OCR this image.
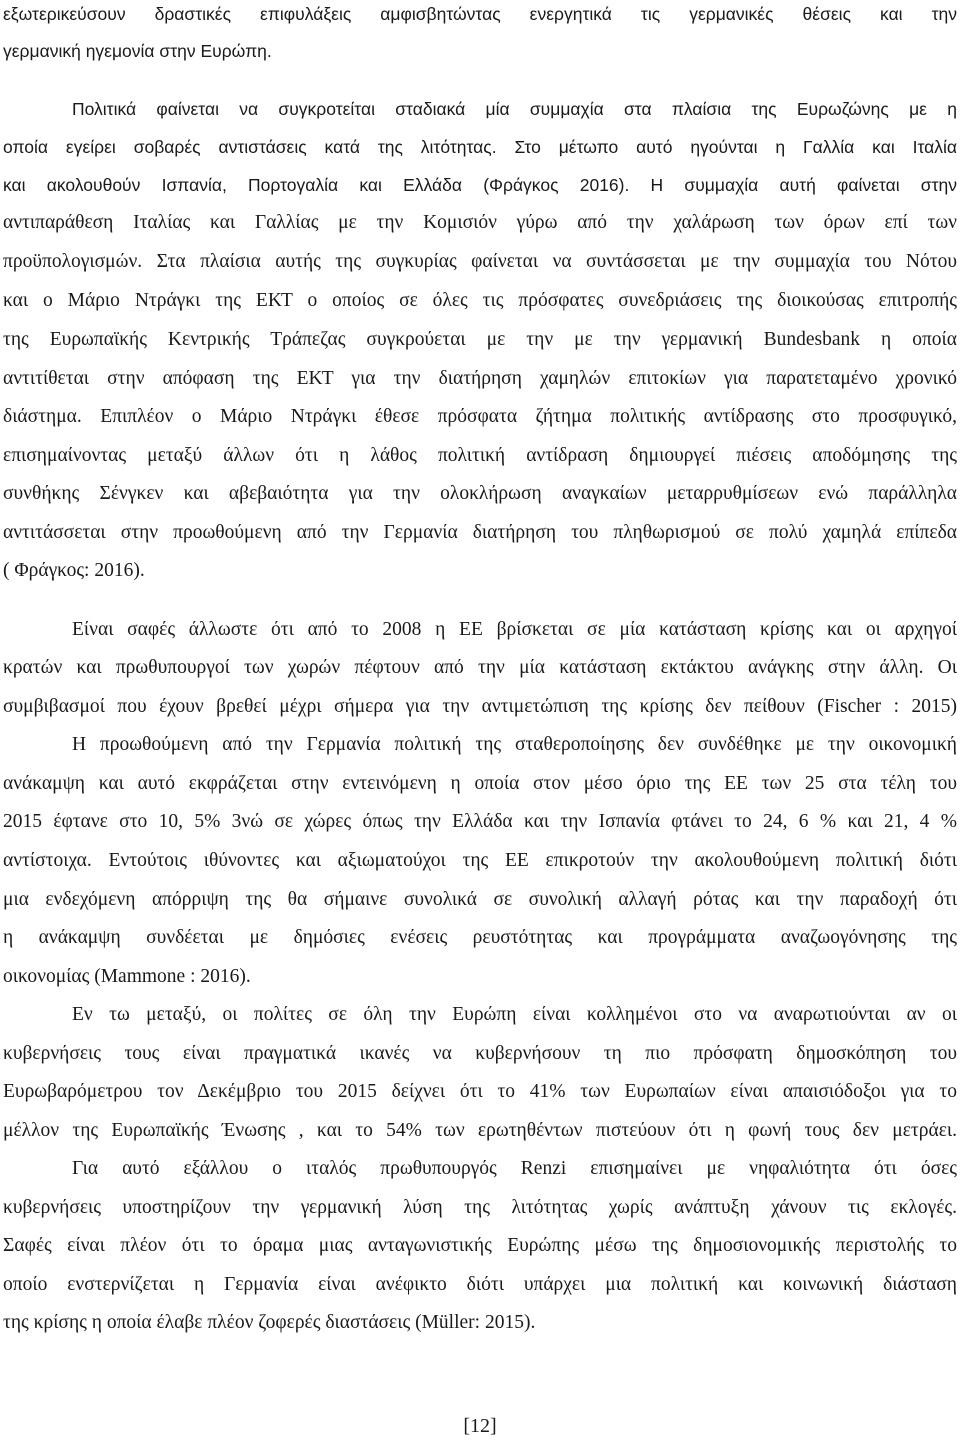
εξωτερικεύσουν δραστικές επιφυλάξεις αμφισβητώντας ενεργητικά τις γερμανικές θέσεις και την
γερμανική ηγεμονία στην Ευρώπη.
Πολιτικά φαίνεται να συγκροτείται σταδιακά μία συμμαχία στα πλαίσια της Ευρωζώνης με η
οποία εγείρει σοβαρές αντιστάσεις κατά της λιτότητας. Στο μέτωπο αυτό ηγούνται η Γαλλία και Ιταλία
και ακολουθούν Ισπανία, Πορτογαλία και Ελλάδα (Φράγκος 2016). Η συμμαχία αυτή φαίνεται στην
αντιπαράθεση Ιταλίας και Γαλλίας με την Κομισιόν γύρω από την χαλάρωση των όρων επί των
προϋπολογισμών. Στα πλαίσια αυτής της συγκυρίας φαίνεται να συντάσσεται με την συμμαχία του Νότου
και ο Μάριο Ντράγκι της ΕΚΤ ο οποίος σε όλες τις πρόσφατες συνεδριάσεις της διοικούσας επιτροπής
της Ευρωπαϊκής Κεντρικής Τράπεζας συγκρούεται με την με την γερμανική Bundesbank η οποία
αντιτίθεται στην απόφαση της ΕΚΤ για την διατήρηση χαμηλών επιτοκίων για παρατεταμένο χρονικό
διάστημα. Επιπλέον ο Μάριο Ντράγκι έθεσε πρόσφατα ζήτημα πολιτικής αντίδρασης στο προσφυγικό,
επισημαίνοντας μεταξύ άλλων ότι η λάθος πολιτική αντίδραση δημιουργεί πιέσεις αποδόμησης της
συνθήκης Σένγκεν και αβεβαιότητα για την ολοκλήρωση αναγκαίων μεταρρυθμίσεων ενώ παράλληλα
αντιτάσσεται στην προωθούμενη από την Γερμανία διατήρηση του πληθωρισμού σε πολύ χαμηλά επίπεδα
( Φράγκος: 2016).
Είναι σαφές άλλωστε ότι από το 2008 η ΕΕ βρίσκεται σε μία κατάσταση κρίσης και οι αρχηγοί
κρατών και πρωθυπουργοί των χωρών πέφτουν από την μία κατάσταση εκτάκτου ανάγκης στην άλλη. Οι
συμβιβασμοί που έχουν βρεθεί μέχρι σήμερα για την αντιμετώπιση της κρίσης δεν πείθουν (Fischer : 2015)
Η προωθούμενη από την Γερμανία πολιτική της σταθεροποίησης δεν συνδέθηκε με την οικονομική
ανάκαμψη και αυτό εκφράζεται στην εντεινόμενη η οποία στον μέσο όριο της ΕΕ των 25 στα τέλη του
2015 έφτανε στο 10, 5% 3νώ σε χώρες όπως την Ελλάδα και την Ισπανία φτάνει το 24, 6 % και 21, 4 %
αντίστοιχα. Εντούτοις ιθύνοντες και αξιωματούχοι της ΕΕ επικροτούν την ακολουθούμενη πολιτική διότι
μια ενδεχόμενη απόρριψη της θα σήμαινε συνολικά σε συνολική αλλαγή ρότας και την παραδοχή ότι
η ανάκαμψη συνδέεται με δημόσιες ενέσεις ρευστότητας και προγράμματα αναζωογόνησης της
οικονομίας (Mammone : 2016).
Εν τω μεταξύ, οι πολίτες σε όλη την Ευρώπη είναι κολλημένοι στο να αναρωτιούνται αν οι
κυβερνήσεις τους είναι πραγματικά ικανές να κυβερνήσουν τη πιο πρόσφατη δημοσκόπηση του
Ευρωβαρόμετρου τον Δεκέμβριο του 2015 δείχνει ότι το 41% των Ευρωπαίων είναι απαισιόδοξοι για το
μέλλον της Ευρωπαϊκής Ένωσης , και το 54% των ερωτηθέντων πιστεύουν ότι η φωνή τους δεν μετράει.
Για αυτό εξάλλου ο ιταλός πρωθυπουργός Renzi επισημαίνει με νηφαλιότητα ότι όσες
κυβερνήσεις υποστηρίζουν την γερμανική λύση της λιτότητας χωρίς ανάπτυξη χάνουν τις εκλογές.
Σαφές είναι πλέον ότι το όραμα μιας ανταγωνιστικής Ευρώπης μέσω της δημοσιονομικής περιστολής το
οποίο ενστερνίζεται η Γερμανία είναι ανέφικτο διότι υπάρχει μια πολιτική και κοινωνική διάσταση
της κρίσης η οποία έλαβε πλέον ζοφερές διαστάσεις (Müller: 2015).
[12]
